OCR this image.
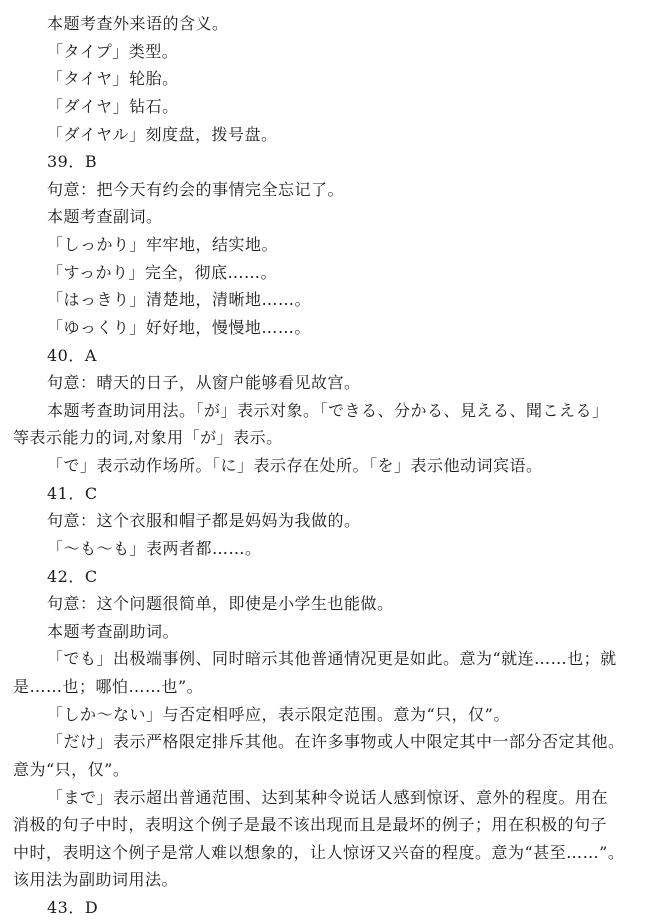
本题考查外来语的含义。
「タイプ」类型。
「タイヤ」轮胎。
「ダイヤ」钻石。
「ダイヤル」刻度盘，拨号盘。
39．B
句意：把今天有约会的事情完全忘记了。
本题考查副词。
「しっかり」牢牢地，结实地。
「すっかり」完全，彻底……。
「はっきり」清楚地，清晰地……。
「ゆっくり」好好地，慢慢地……。
40．A
句意：晴天的日子，从窗户能够看见故宫。
本题考查助词用法。「が」表示对象。「できる、分かる、見える、聞こえる」
等表示能力的词,对象用「が」表示。
「で」表示动作场所。「に」表示存在处所。「を」表示他动词宾语。
41．C
句意：这个衣服和帽子都是妈妈为我做的。
「～も～も」表两者都……。
42．C
句意：这个问题很简单，即使是小学生也能做。
本题考查副助词。
「でも」出极端事例、同时暗示其他普通情况更是如此。意为“就连……也；就
是……也；哪怕……也”。
「しか～ない」与否定相呼应，表示限定范围。意为“只，仅”。
「だけ」表示严格限定排斥其他。在许多事物或人中限定其中一部分否定其他。
意为“只，仅”。
「まで」表示超出普通范围、达到某种令说话人感到惊讶、意外的程度。用在
消极的句子中时，表明这个例子是最不该出现而且是最坏的例子；用在积极的句子
中时，表明这个例子是常人难以想象的，让人惊讶又兴奋的程度。意为“甚至……”。
该用法为副助词用法。
43．D
